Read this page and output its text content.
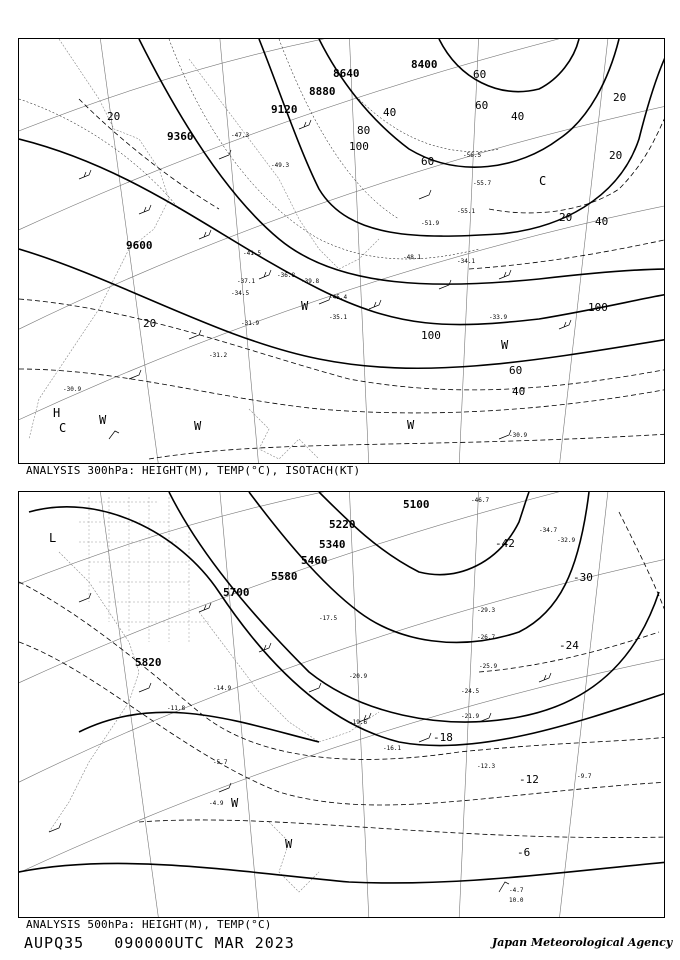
9600
9360
9120
8880
8640
8400
20	40
60
80
100
40
60
20
20
40
60
100
20
20
60
40
100
-55.1
-51.9
-48.1
-45.4
-39.8
-36.8
-35.1
-34.5
-33.9
-31.9
-31.2
-30.9
-30.9
-34.1
-55.7
-56.5
-49.3
-47.3
-41.5
-37.1
H
C
W	W	W
C
W
W
ANALYSIS 300hPa: HEIGHT(M), TEMP(°C), ISOTACH(KT)
5100
5220
5340
5460
5580
5700
5820
-42
-30
-24
-18
-12
-6
-46.7
-34.7
-32.9
-26.7
-24.5
-21.9
-16.1
-12.3
-9.7
-4.9
-29.3
-25.9
-20.9
-19.6
-17.5
-14.9
-11.8
-5.7
-4.7
10.0
L
W
W
ANALYSIS 500hPa: HEIGHT(M), TEMP(°C)
AUPQ35 090000UTC MAR 2023	Japan Meteorological Agency
